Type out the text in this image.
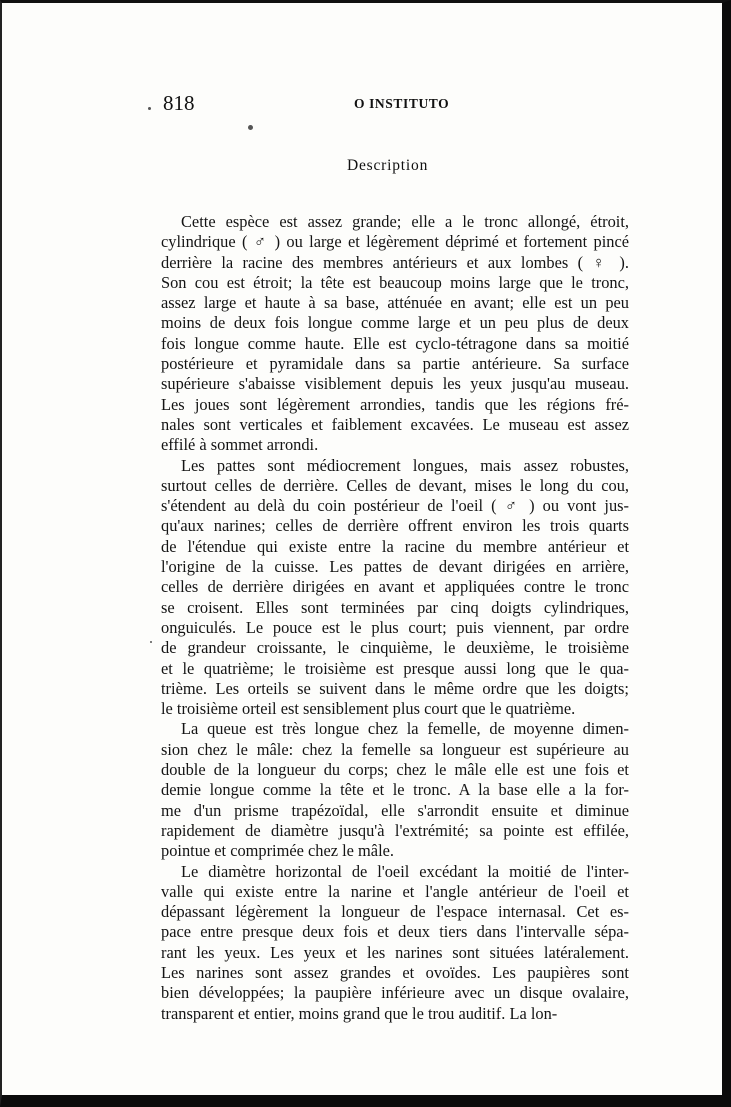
818	O INSTITUTO
Description
Cette espèce est assez grande; elle a le tronc allongé, étroit,
cylindrique ( ♂ ) ou large et légèrement déprimé et fortement pincé
derrière la racine des membres antérieurs et aux lombes ( ♀ ).
Son cou est étroit; la tête est beaucoup moins large que le tronc,
assez large et haute à sa base, atténuée en avant; elle est un peu
moins de deux fois longue comme large et un peu plus de deux
fois longue comme haute. Elle est cyclo-tétragone dans sa moitié
postérieure et pyramidale dans sa partie antérieure. Sa surface
supérieure s'abaisse visiblement depuis les yeux jusqu'au museau.
Les joues sont légèrement arrondies, tandis que les régions fré-
nales sont verticales et faiblement excavées. Le museau est assez
effilé à sommet arrondi.
Les pattes sont médiocrement longues, mais assez robustes,
surtout celles de derrière. Celles de devant, mises le long du cou,
s'étendent au delà du coin postérieur de l'oeil ( ♂ ) ou vont jus-
qu'aux narines; celles de derrière offrent environ les trois quarts
de l'étendue qui existe entre la racine du membre antérieur et
l'origine de la cuisse. Les pattes de devant dirigées en arrière,
celles de derrière dirigées en avant et appliquées contre le tronc
se croisent. Elles sont terminées par cinq doigts cylindriques,
onguiculés. Le pouce est le plus court; puis viennent, par ordre
de grandeur croissante, le cinquième, le deuxième, le troisième
et le quatrième; le troisième est presque aussi long que le qua-
trième. Les orteils se suivent dans le même ordre que les doigts;
le troisième orteil est sensiblement plus court que le quatrième.
La queue est très longue chez la femelle, de moyenne dimen-
sion chez le mâle: chez la femelle sa longueur est supérieure au
double de la longueur du corps; chez le mâle elle est une fois et
demie longue comme la tête et le tronc. A la base elle a la for-
me d'un prisme trapézoïdal, elle s'arrondit ensuite et diminue
rapidement de diamètre jusqu'à l'extrémité; sa pointe est effilée,
pointue et comprimée chez le mâle.
Le diamètre horizontal de l'oeil excédant la moitié de l'inter-
valle qui existe entre la narine et l'angle antérieur de l'oeil et
dépassant légèrement la longueur de l'espace internasal. Cet es-
pace entre presque deux fois et deux tiers dans l'intervalle sépa-
rant les yeux. Les yeux et les narines sont situées latéralement.
Les narines sont assez grandes et ovoïdes. Les paupières sont
bien développées; la paupière inférieure avec un disque ovalaire,
transparent et entier, moins grand que le trou auditif. La lon-
